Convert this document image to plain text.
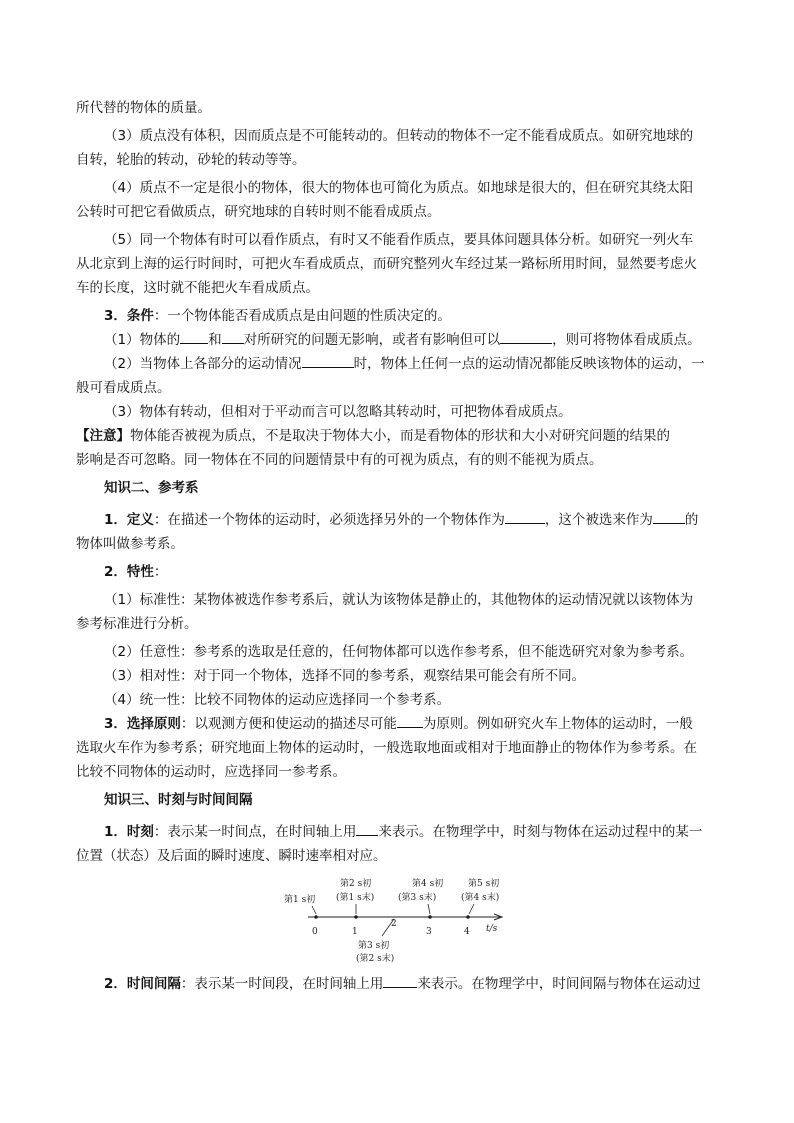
所代替的物体的质量。

（3）质点没有体积，因而质点是不可能转动的。但转动的物体不一定不能看成质点。如研究地球的

自转，轮胎的转动，砂轮的转动等等。

（4）质点不一定是很小的物体，很大的物体也可简化为质点。如地球是很大的，但在研究其绕太阳

公转时可把它看做质点，研究地球的自转时则不能看成质点。

（5）同一个物体有时可以看作质点，有时又不能看作质点，要具体问题具体分析。如研究一列火车

从北京到上海的运行时间时，可把火车看成质点，而研究整列火车经过某一路标所用时间，显然要考虑火

车的长度，这时就不能把火车看成质点。

3．条件：一个物体能否看成质点是由问题的性质决定的。

（1）物体的 和 对所研究的问题无影响，或者有影响但可以	，则可将物体看成质点。

（2）当物体上各部分的运动情况	时，物体上任何一点的运动情况都能反映该物体的运动，一

般可看成质点。

（3）物体有转动，但相对于平动而言可以忽略其转动时，可把物体看成质点。

【注意】物体能否被视为质点，不是取决于物体大小，而是看物体的形状和大小对研究问题的结果的

影响是否可忽略。同一物体在不同的问题情景中有的可视为质点，有的则不能视为质点。

知识二、参考系

1．定义：在描述一个物体的运动时，必须选择另外的一个物体作为	，这个被选来作为 的

物体叫做参考系。

2．特性：

（1）标准性：某物体被选作参考系后，就认为该物体是静止的，其他物体的运动情况就以该物体为

参考标准进行分析。

（2）任意性：参考系的选取是任意的，任何物体都可以选作参考系，但不能选研究对象为参考系。

（3）相对性：对于同一个物体，选择不同的参考系，观察结果可能会有所不同。

（4）统一性：比较不同物体的运动应选择同一个参考系。

3．选择原则：以观测方便和使运动的描述尽可能 为原则。例如研究火车上物体的运动时，一般

选取火车作为参考系；研究地面上物体的运动时，一般选取地面或相对于地面静止的物体作为参考系。在

比较不同物体的运动时，应选择同一参考系。

知识三、时刻与时间间隔

1．时刻：表示某一时间点，在时间轴上用 来表示。在物理学中，时刻与物体在运动过程中的某一

位置（状态）及后面的瞬时速度、瞬时速率相对应。

0	1
2
3	4 t/s
第1 s初
第2 s初
(第1 s末)
第4 s初
(第3 s末)
第5 s初
(第4 s末)
第3 s初
(第2 s末)

2．时间间隔：表示某一时间段，在时间轴上用	来表示。在物理学中，时间间隔与物体在运动过
